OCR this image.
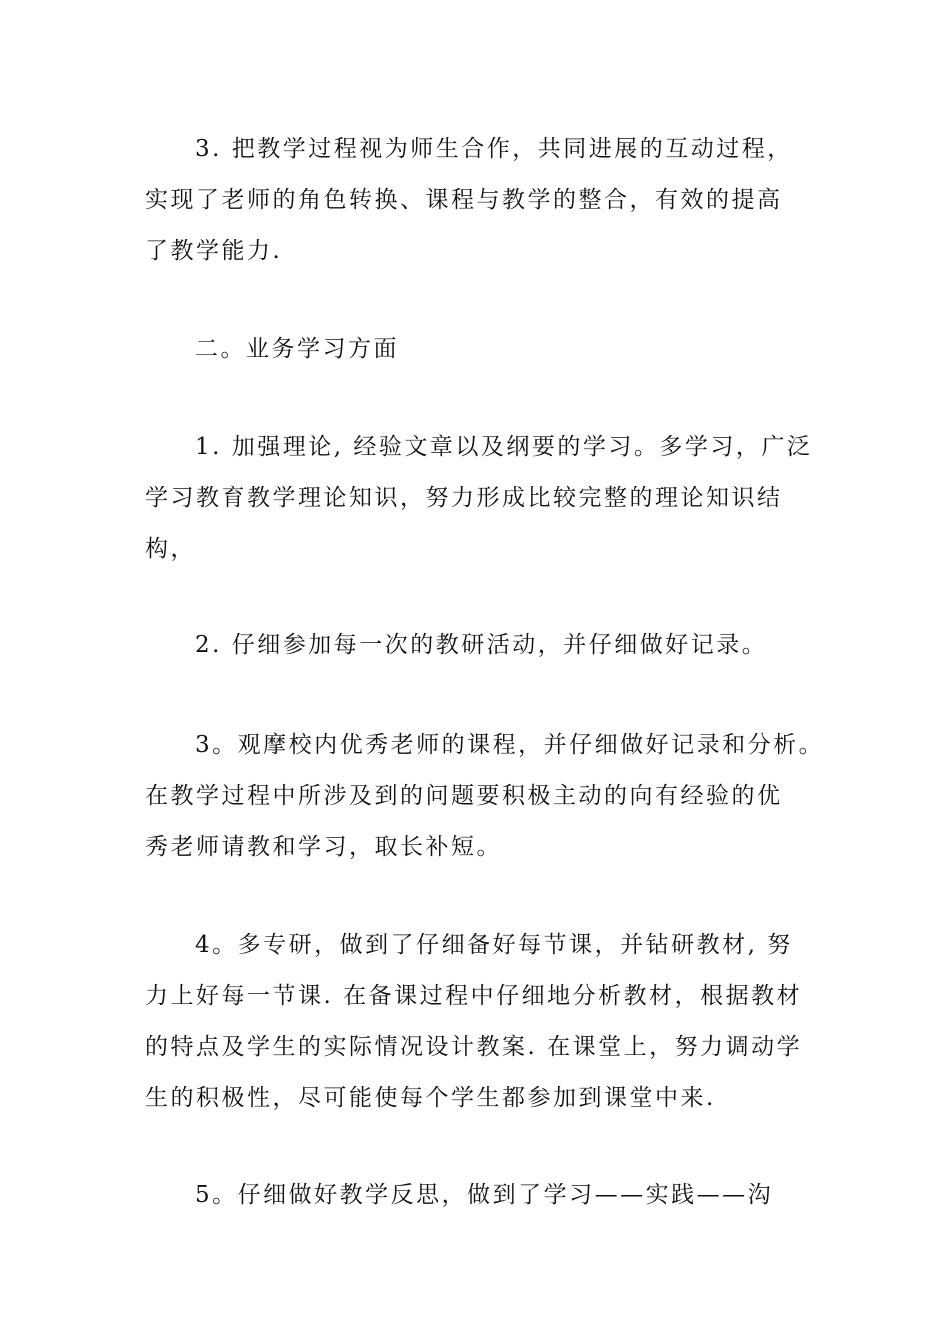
3. 把教学过程视为师生合作，共同进展的互动过程，
实现了老师的角色转换、课程与教学的整合，有效的提高
了教学能力.

二。业务学习方面

1. 加强理论, 经验文章以及纲要的学习。多学习，广泛
学习教育教学理论知识，努力形成比较完整的理论知识结
构，

2. 仔细参加每一次的教研活动，并仔细做好记录。

3。观摩校内优秀老师的课程，并仔细做好记录和分析。
在教学过程中所涉及到的问题要积极主动的向有经验的优
秀老师请教和学习，取长补短。

4。多专研，做到了仔细备好每节课，并钻研教材, 努
力上好每一节课. 在备课过程中仔细地分析教材，根据教材
的特点及学生的实际情况设计教案. 在课堂上，努力调动学
生的积极性，尽可能使每个学生都参加到课堂中来.

5。仔细做好教学反思，做到了学习——实践——沟
